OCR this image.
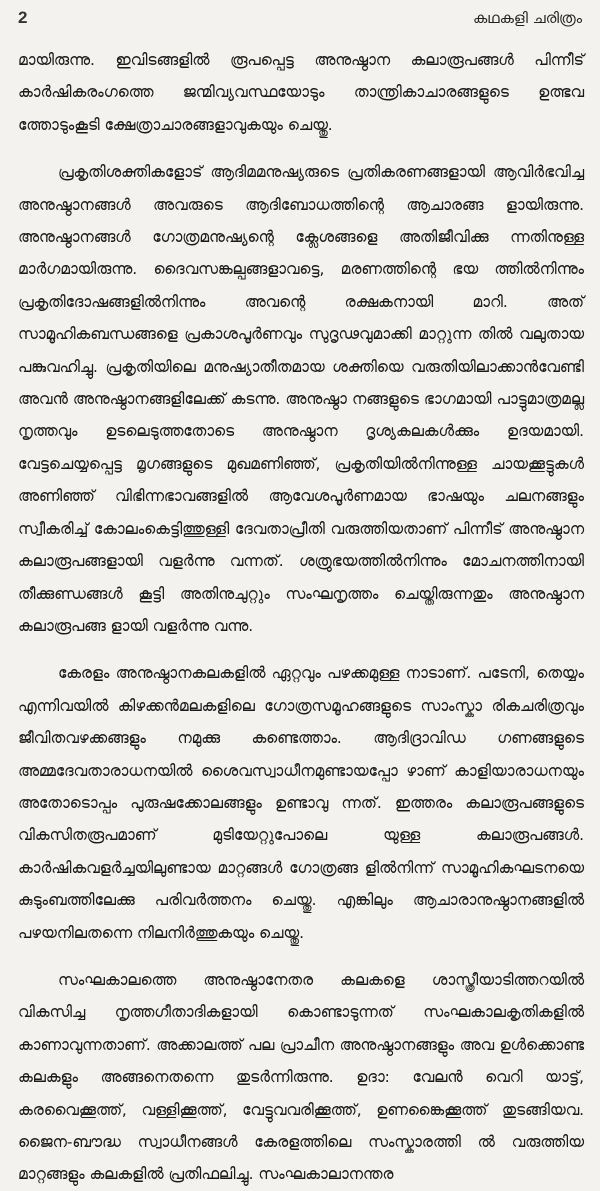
2	കഥകളി ചരിത്രം

മായിരുന്നു. ഇവിടങ്ങളിൽ രൂപപ്പെട്ട അനുഷ്ഠാന കലാരൂപങ്ങൾ പിന്നീട് കാർഷികരംഗത്തെ ജന്മിവ്യവസ്ഥയോടും താന്ത്രികാചാരങ്ങളുടെ ഉത്ഭവ ത്തോടുംകൂടി ക്ഷേത്രാചാരങ്ങളാവുകയും ചെയ്തു.

പ്രകൃതിശക്തികളോട് ആദിമമനുഷ്യരുടെ പ്രതികരണങ്ങളായി ആവിർഭവിച്ച അനുഷ്ഠാനങ്ങൾ അവരുടെ ആദിബോധത്തിന്റെ ആചാരങ്ങ ളായിരുന്നു. അനുഷ്ഠാനങ്ങൾ ഗോത്രമനുഷ്യന്റെ ക്ലേശങ്ങളെ അതിജീവിക്കു ന്നതിനുള്ള മാർഗമായിരുന്നു. ദൈവസങ്കല്പങ്ങളാവട്ടെ, മരണത്തിന്റെ ഭയ ത്തിൽനിന്നും പ്രകൃതിദോഷങ്ങളിൽനിന്നും അവന്റെ രക്ഷകനായി മാറി. അത് സാമൂഹികബന്ധങ്ങളെ പ്രകാശപൂർണവും സുദൃഢവുമാക്കി മാറ്റുന്ന തിൽ വലുതായ പങ്കുവഹിച്ചു. പ്രകൃതിയിലെ മനുഷ്യാതീതമായ ശക്തിയെ വരുതിയിലാക്കാൻവേണ്ടി അവൻ അനുഷ്ഠാനങ്ങളിലേക്ക് കടന്നു. അനുഷ്ഠാ നങ്ങളുടെ ഭാഗമായി പാട്ടുമാത്രമല്ല നൃത്തവും ഉടലെടുത്തതോടെ അനുഷ്ഠാന ദൃശ്യകലകൾക്കും ഉദയമായി. വേട്ടചെയ്യപ്പെട്ട മൃഗങ്ങളുടെ മുഖമണിഞ്ഞ്, പ്രകൃതിയിൽനിന്നുള്ള ചായക്കൂട്ടുകൾ അണിഞ്ഞ് വിഭിന്നഭാവങ്ങളിൽ ആവേശപൂർണമായ ഭാഷയും ചലനങ്ങളും സ്വീകരിച്ച് കോലംകെട്ടിത്തുള്ളി ദേവതാപ്രീതി വരുത്തിയതാണ് പിന്നീട് അനുഷ്ഠാന കലാരൂപങ്ങളായി വളർന്നു വന്നത്. ശത്രുഭയത്തിൽനിന്നും മോചനത്തിനായി തീക്കുണ്ഡങ്ങൾ കൂട്ടി അതിനുചുറ്റും സംഘനൃത്തം ചെയ്തിരുന്നതും അനുഷ്ഠാന കലാരൂപങ്ങ ളായി വളർന്നു വന്നു.

കേരളം അനുഷ്ഠാനകലകളിൽ ഏറ്റവും പഴക്കമുള്ള നാടാണ്. പടേനി, തെയ്യം എന്നിവയിൽ കിഴക്കൻമലകളിലെ ഗോത്രസമൂഹങ്ങളുടെ സാംസ്കാ രികചരിത്രവും ജീവിതവഴക്കങ്ങളും നമുക്കു കണ്ടെത്താം. ആദിദ്രാവിഡ ഗണങ്ങളുടെ അമ്മദേവതാരാധനയിൽ ശൈവസ്വാധീനമുണ്ടായപ്പോ ഴാണ് കാളിയാരാധനയും അതോടൊപ്പം പുരുഷക്കോലങ്ങളും ഉണ്ടാവു ന്നത്. ഇത്തരം കലാരൂപങ്ങളുടെ വികസിതരൂപമാണ് മുടിയേറ്റുപോലെ യുള്ള കലാരൂപങ്ങൾ. കാർഷികവളർച്ചയിലുണ്ടായ മാറ്റങ്ങൾ ഗോത്രങ്ങ ളിൽനിന്ന് സാമൂഹികഘടനയെ കുടുംബത്തിലേക്കു പരിവർത്തനം ചെയ്തു. എങ്കിലും ആചാരാനുഷ്ഠാനങ്ങളിൽ പഴയനിലതന്നെ നിലനിർത്തുകയും ചെയ്തു.

സംഘകാലത്തെ അനുഷ്ഠാനേതര കലകളെ ശാസ്ത്രീയാടിത്തറയിൽ വികസിച്ച നൃത്തഗീതാദികളായി കൊണ്ടാടുന്നത് സംഘകാലകൃതികളിൽ കാണാവുന്നതാണ്. അക്കാലത്ത് പല പ്രാചീന അനുഷ്ഠാനങ്ങളും അവ ഉൾക്കൊണ്ട കലകളും അങ്ങനെതന്നെ തുടർന്നിരുന്നു. ഉദാ: വേലൻ വെറി യാട്ട്, കരവൈക്കൂത്ത്, വള്ളിക്കൂത്ത്, വേട്ടുവവരിക്കൂത്ത്, ഉണങ്കൈക്കൂത്ത് തുടങ്ങിയവ. ജൈന-ബൗദ്ധ സ്വാധീനങ്ങൾ കേരളത്തിലെ സംസ്കാരത്തി ൽ വരുത്തിയ മാറ്റങ്ങളും കലകളിൽ പ്രതിഫലിച്ചു. സംഘകാലാനന്തര
